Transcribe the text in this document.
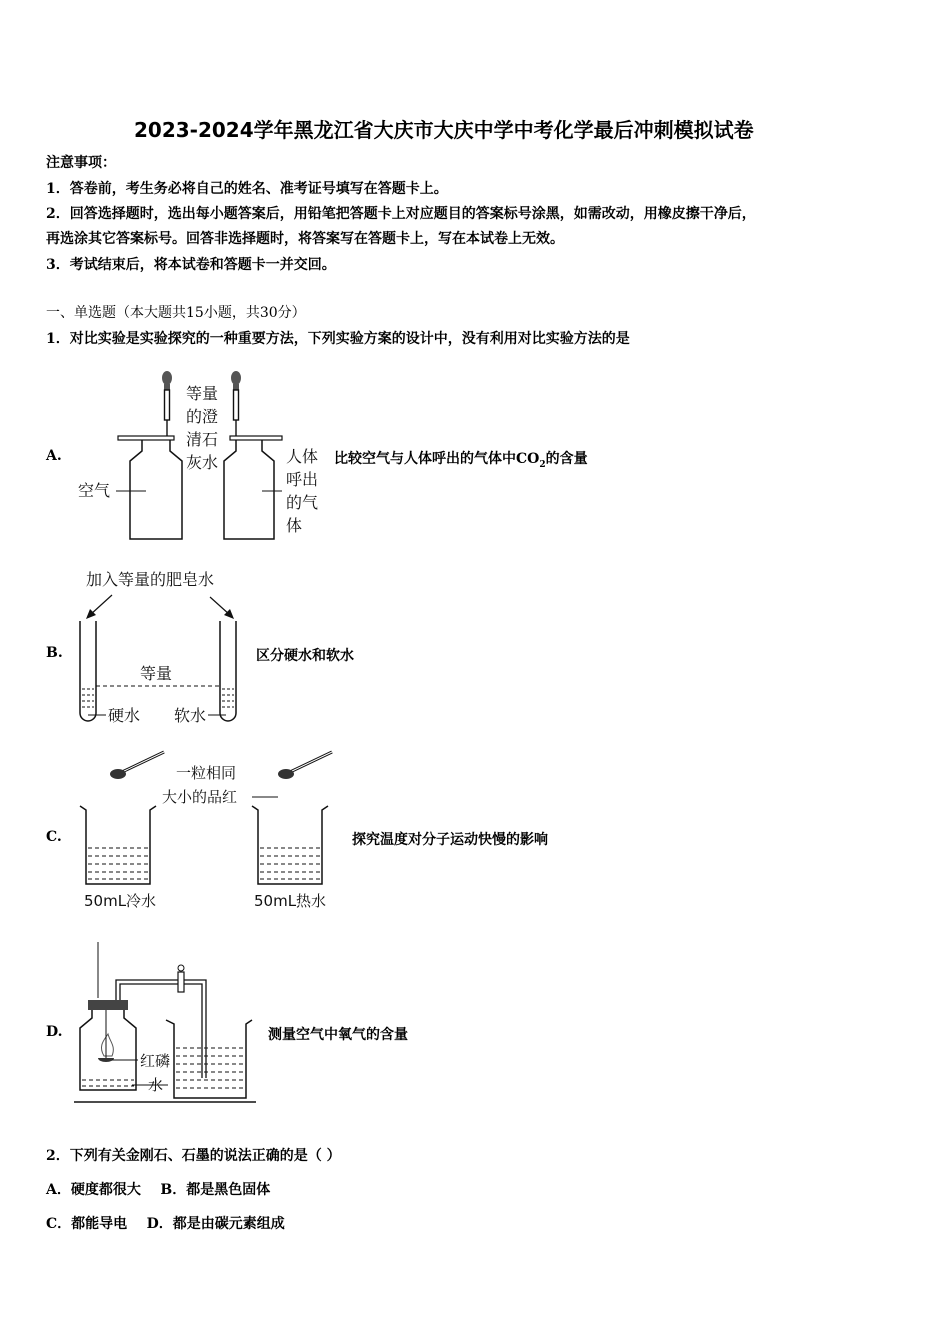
2023-2024学年黑龙江省大庆市大庆中学中考化学最后冲刺模拟试卷
注意事项：
1．答卷前，考生务必将自己的姓名、准考证号填写在答题卡上。
2．回答选择题时，选出每小题答案后，用铅笔把答题卡上对应题目的答案标号涂黑，如需改动，用橡皮擦干净后，
再选涂其它答案标号。回答非选择题时，将答案写在答题卡上，写在本试卷上无效。
3．考试结束后，将本试卷和答题卡一并交回。
一、单选题（本大题共15小题，共30分）
1．对比实验是实验探究的一种重要方法，下列实验方案的设计中，没有利用对比实验方法的是
A.
等量
的澄
清石
灰水
空气
人体
呼出
的气
体
比较空气与人体呼出的气体中$CO_2$的含量
B.
加入等量的肥皂水
等量
硬水 软水
区分硬水和软水
C.
一粒相同
大小的品红
50mL冷水	50mL热水
探究温度对分子运动快慢的影响
D.
红磷
水
测量空气中氧气的含量
2．下列有关金刚石、石墨的说法正确的是（ ）
A．硬度都很大    B．都是黑色固体
C．都能导电    D．都是由碳元素组成
